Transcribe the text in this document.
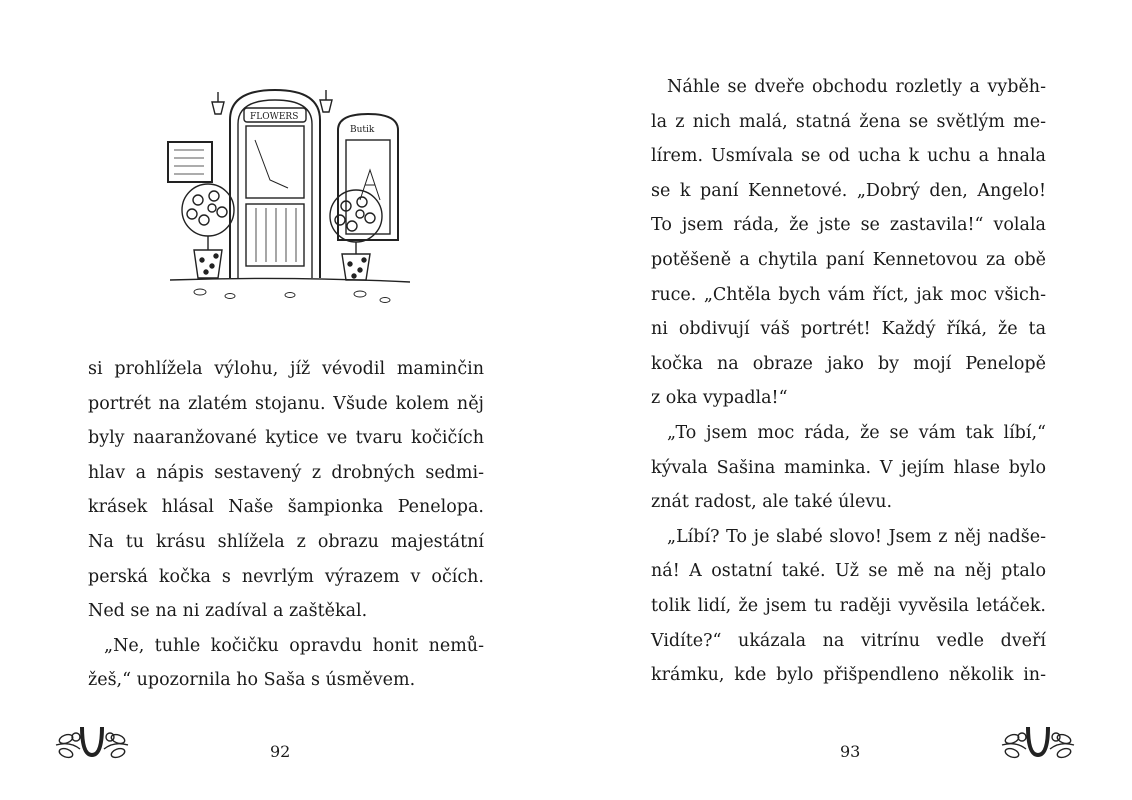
FLOWERS
Butik
si prohlížela výlohu, jíž vévodil maminčin
portrét na zlatém stojanu. Všude kolem něj
byly naaranžované kytice ve tvaru kočičích
hlav a nápis sestavený z drobných sedmi-
krásek hlásal Naše šampionka Penelopa.
Na tu krásu shlížela z obrazu majestátní
perská kočka s nevrlým výrazem v očích.
Ned se na ni zadíval a zaštěkal.
„Ne, tuhle kočičku opravdu honit nemů-
žeš,“ upozornila ho Saša s úsměvem.
92
Náhle se dveře obchodu rozletly a vyběh-
la z nich malá, statná žena se světlým me-
lírem. Usmívala se od ucha k uchu a hnala
se k paní Kennetové. „Dobrý den, Angelo!
To jsem ráda, že jste se zastavila!“ volala
potěšeně a chytila paní Kennetovou za obě
ruce. „Chtěla bych vám říct, jak moc všich-
ni obdivují váš portrét! Každý říká, že ta
kočka na obraze jako by mojí Penelopě
z oka vypadla!“
„To jsem moc ráda, že se vám tak líbí,“
kývala Sašina maminka. V jejím hlase bylo
znát radost, ale také úlevu.
„Líbí? To je slabé slovo! Jsem z něj nadše-
ná! A ostatní také. Už se mě na něj ptalo
tolik lidí, že jsem tu raději vyvěsila letáček.
Vidíte?“ ukázala na vitrínu vedle dveří
krámku, kde bylo přišpendleno několik in-
93
